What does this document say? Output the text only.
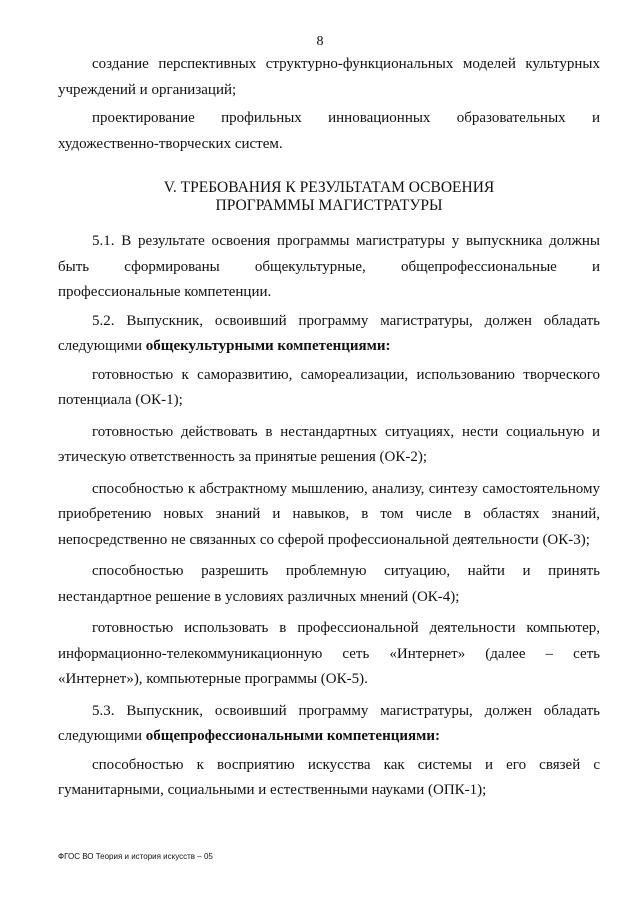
8

создание перспективных структурно-функциональных моделей культурных учреждений и организаций;

проектирование профильных инновационных образовательных и художественно-творческих систем.

V. ТРЕБОВАНИЯ К РЕЗУЛЬТАТАМ ОСВОЕНИЯ
ПРОГРАММЫ МАГИСТРАТУРЫ

5.1. В результате освоения программы магистратуры у выпускника должны быть сформированы общекультурные, общепрофессиональные и профессиональные компетенции.

5.2. Выпускник, освоивший программу магистратуры, должен обладать следующими общекультурными компетенциями:

готовностью к саморазвитию, самореализации, использованию творческого потенциала (ОК-1);

готовностью действовать в нестандартных ситуациях, нести социальную и этическую ответственность за принятые решения (ОК-2);

способностью к абстрактному мышлению, анализу, синтезу самостоятельному приобретению новых знаний и навыков, в том числе в областях знаний, непосредственно не связанных со сферой профессиональной деятельности (ОК-3);

способностью разрешить проблемную ситуацию, найти и принять нестандартное решение в условиях различных мнений (ОК-4);

готовностью использовать в профессиональной деятельности компьютер, информационно-телекоммуникационную сеть «Интернет» (далее – сеть «Интернет»), компьютерные программы (ОК-5).

5.3. Выпускник, освоивший программу магистратуры, должен обладать следующими общепрофессиональными компетенциями:

способностью к восприятию искусства как системы и его связей с гуманитарными, социальными и естественными науками (ОПК-1);

ФГОС ВО Теория и история искусств – 05
